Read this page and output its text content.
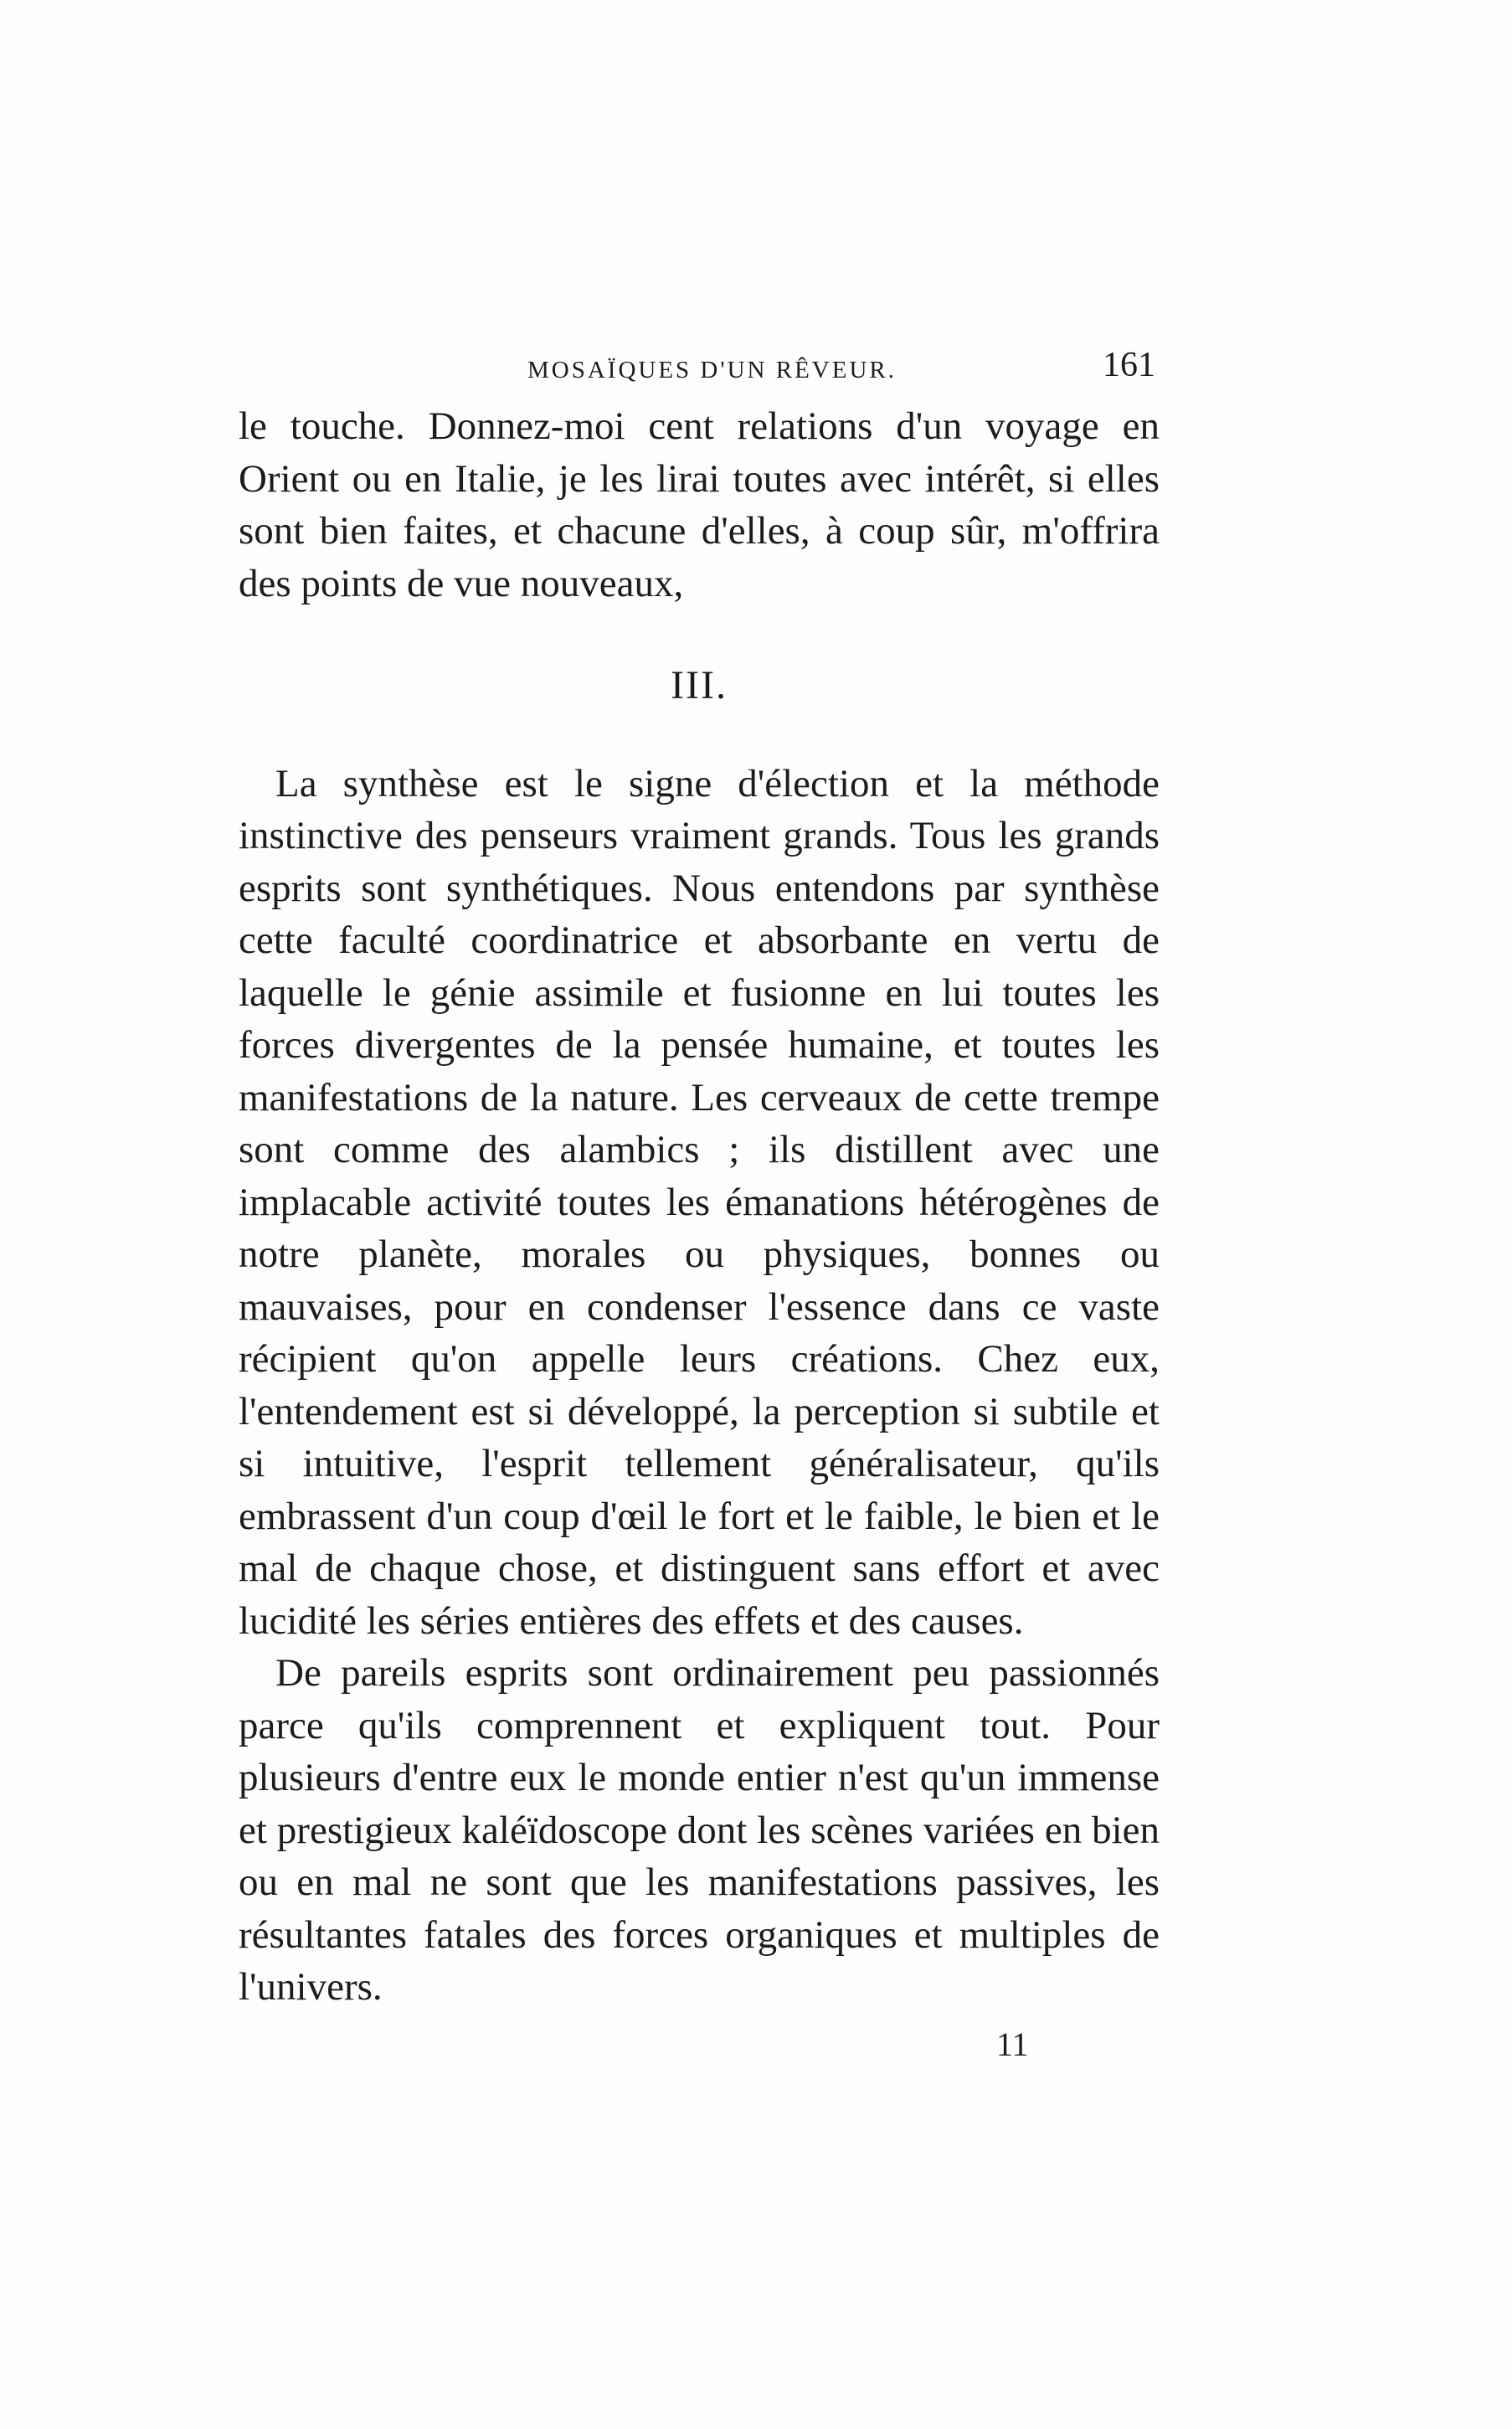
MOSAÏQUES D'UN RÊVEUR.	161

le touche. Donnez-moi cent relations d'un voyage en Orient ou en Italie, je les lirai toutes avec intérêt, si elles sont bien faites, et chacune d'elles, à coup sûr, m'offrira des points de vue nouveaux,

III.

La synthèse est le signe d'élection et la méthode instinctive des penseurs vraiment grands. Tous les grands esprits sont synthétiques. Nous entendons par synthèse cette faculté coordinatrice et absorbante en vertu de laquelle le génie assimile et fusionne en lui toutes les forces divergentes de la pensée humaine, et toutes les manifestations de la nature. Les cerveaux de cette trempe sont comme des alambics ; ils distillent avec une implacable activité toutes les émanations hétérogènes de notre planète, morales ou physiques, bonnes ou mauvaises, pour en condenser l'essence dans ce vaste récipient qu'on appelle leurs créations. Chez eux, l'entendement est si développé, la perception si subtile et si intuitive, l'esprit tellement généralisateur, qu'ils embrassent d'un coup d'œil le fort et le faible, le bien et le mal de chaque chose, et distinguent sans effort et avec lucidité les séries entières des effets et des causes.

De pareils esprits sont ordinairement peu passionnés parce qu'ils comprennent et expliquent tout. Pour plusieurs d'entre eux le monde entier n'est qu'un immense et prestigieux kaléïdoscope dont les scènes variées en bien ou en mal ne sont que les manifestations passives, les résultantes fatales des forces organiques et multiples de l'univers.

11
